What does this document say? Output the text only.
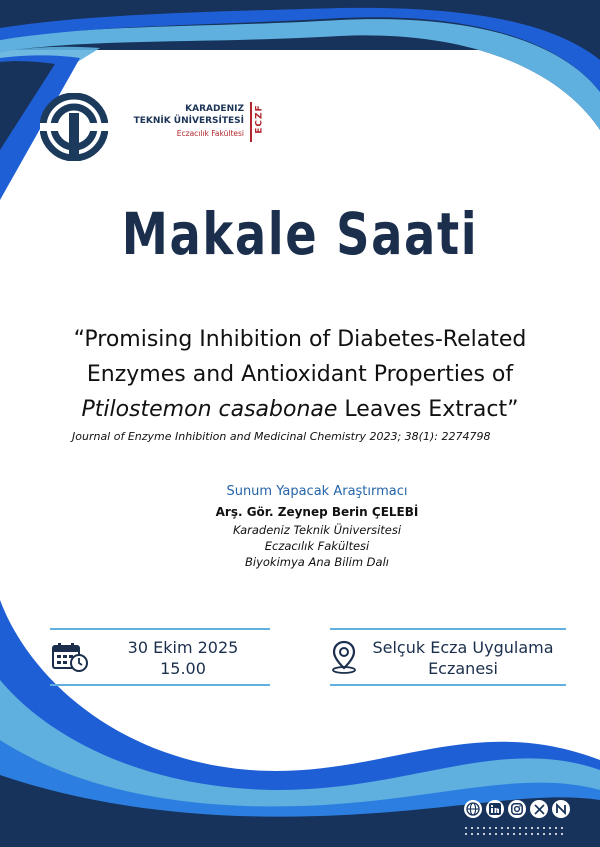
KARADENIZ
TEKNİK ÜNİVERSİTESİ
Eczacılık Fakültesi ECZF
Makale Saati
“Promising Inhibition of Diabetes-Related
Enzymes and Antioxidant Properties of
Ptilostemon casabonae Leaves Extract”
Journal of Enzyme Inhibition and Medicinal Chemistry 2023; 38(1): 2274798
Sunum Yapacak Araştırmacı
Arş. Gör. Zeynep Berin ÇELEBİ
Karadeniz Teknik Üniversitesi
Eczacılık Fakültesi
Biyokimya Ana Bilim Dalı
30 Ekim 2025
15.00
Selçuk Ecza Uygulama
Eczanesi
